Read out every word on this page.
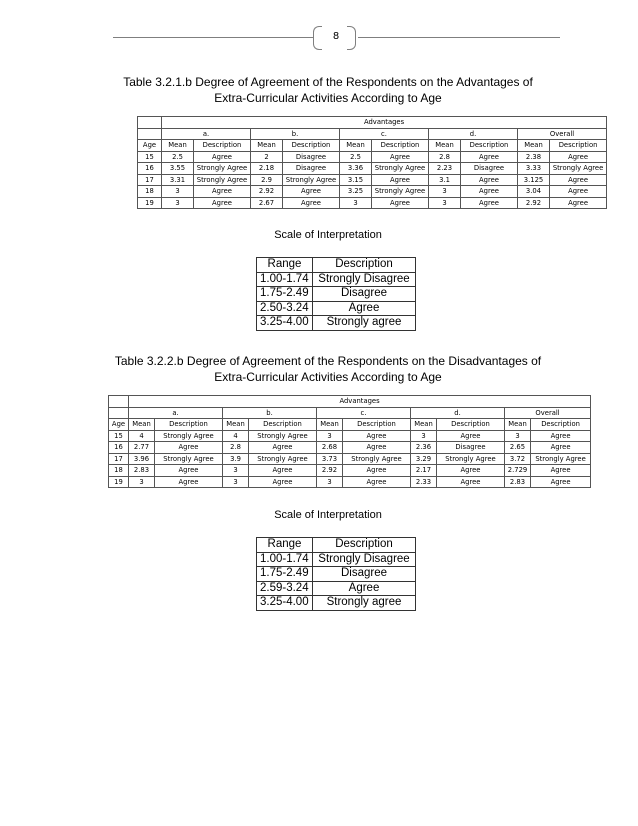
8
Table 3.2.1.b Degree of Agreement of the Respondents on the Advantages of Extra-Curricular Activities According to Age
	Advantages									
	a.		b.		c.		d.		Overall	
Age	Mean	Description	Mean	Description	Mean	Description	Mean	Description	Mean	Description
15	2.5	Agree	2	Disagree	2.5	Agree	2.8	Agree	2.38	Agree
16	3.55	Strongly Agree	2.18	Disagree	3.36	Strongly Agree	2.23	Disagree	3.33	Strongly Agree
17	3.31	Strongly Agree	2.9	Strongly Agree	3.15	Agree	3.1	Agree	3.125	Agree
18	3	Agree	2.92	Agree	3.25	Strongly Agree	3	Agree	3.04	Agree
19	3	Agree	2.67	Agree	3	Agree	3	Agree	2.92	Agree
Scale of Interpretation
Range	Description
1.00-1.74	Strongly Disagree
1.75-2.49	Disagree
2.50-3.24	Agree
3.25-4.00	Strongly agree
Table 3.2.2.b Degree of Agreement of the Respondents on the Disadvantages of Extra-Curricular Activities According to Age
	Advantages									
	a.		b.		c.		d.		Overall	
Age	Mean	Description	Mean	Description	Mean	Description	Mean	Description	Mean	Description
15	4	Strongly Agree	4	Strongly Agree	3	Agree	3	Agree	3	Agree
16	2.77	Agree	2.8	Agree	2.68	Agree	2.36	Disagree	2.65	Agree
17	3.96	Strongly Agree	3.9	Strongly Agree	3.73	Strongly Agree	3.29	Strongly Agree	3.72	Strongly Agree
18	2.83	Agree	3	Agree	2.92	Agree	2.17	Agree	2.729	Agree
19	3	Agree	3	Agree	3	Agree	2.33	Agree	2.83	Agree
Scale of Interpretation
Range	Description
1.00-1.74	Strongly Disagree
1.75-2.49	Disagree
2.59-3.24	Agree
3.25-4.00	Strongly agree
